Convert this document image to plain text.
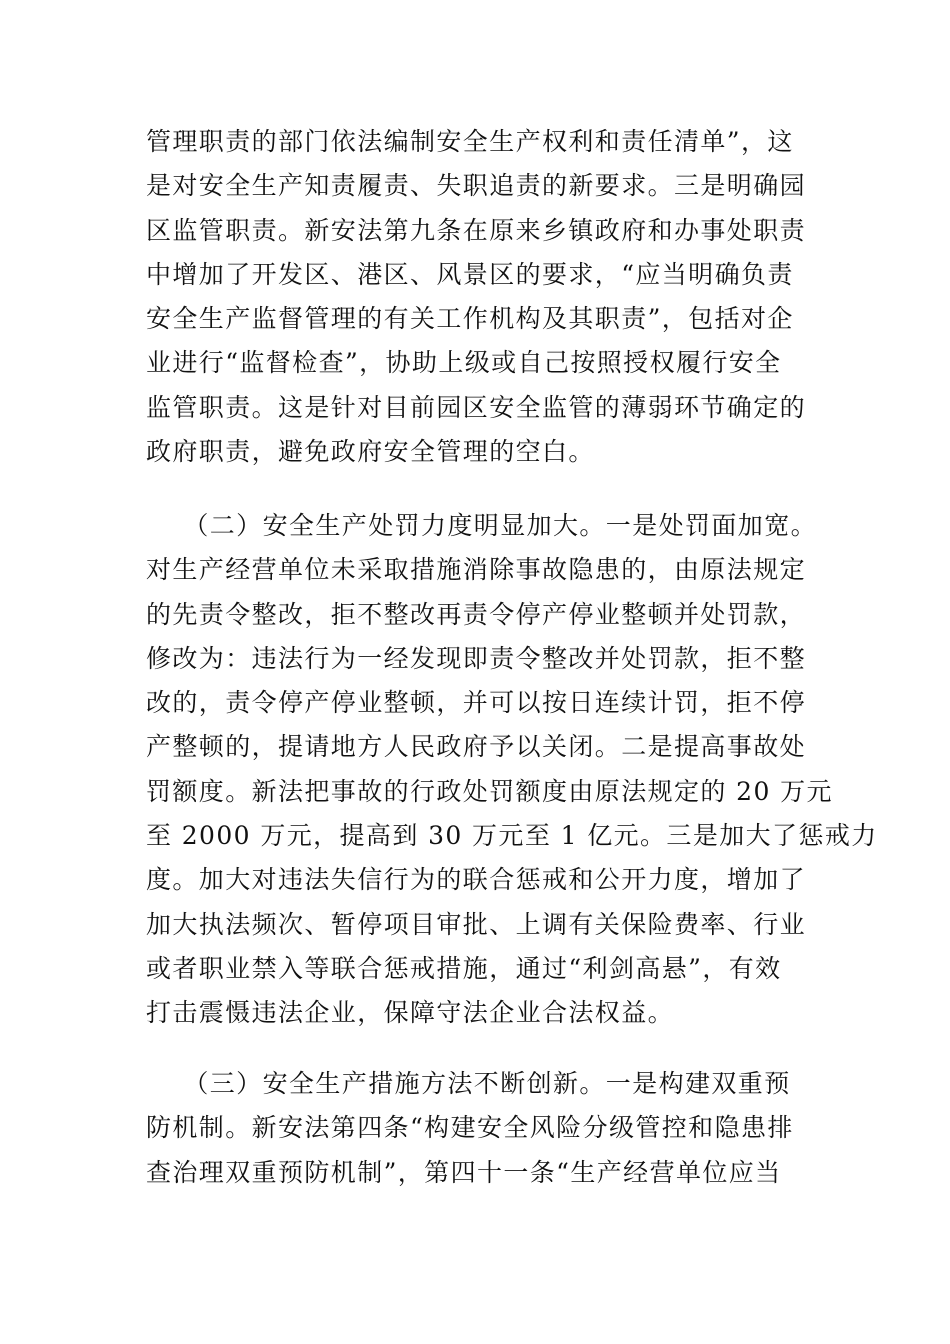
管理职责的部门依法编制安全生产权利和责任清单”，这
是对安全生产知责履责、失职追责的新要求。三是明确园
区监管职责。新安法第九条在原来乡镇政府和办事处职责
中增加了开发区、港区、风景区的要求，“应当明确负责
安全生产监督管理的有关工作机构及其职责”，包括对企
业进行“监督检查”，协助上级或自己按照授权履行安全
监管职责。这是针对目前园区安全监管的薄弱环节确定的
政府职责，避免政府安全管理的空白。
（二）安全生产处罚力度明显加大。一是处罚面加宽。
对生产经营单位未采取措施消除事故隐患的，由原法规定
的先责令整改，拒不整改再责令停产停业整顿并处罚款，
修改为：违法行为一经发现即责令整改并处罚款，拒不整
改的，责令停产停业整顿，并可以按日连续计罚，拒不停
产整顿的，提请地方人民政府予以关闭。二是提高事故处
罚额度。新法把事故的行政处罚额度由原法规定的 20 万元
至 2000 万元，提高到 30 万元至 1 亿元。三是加大了惩戒力
度。加大对违法失信行为的联合惩戒和公开力度，增加了
加大执法频次、暂停项目审批、上调有关保险费率、行业
或者职业禁入等联合惩戒措施，通过“利剑高悬”，有效
打击震慑违法企业，保障守法企业合法权益。
（三）安全生产措施方法不断创新。一是构建双重预
防机制。新安法第四条“构建安全风险分级管控和隐患排
查治理双重预防机制”，第四十一条“生产经营单位应当
